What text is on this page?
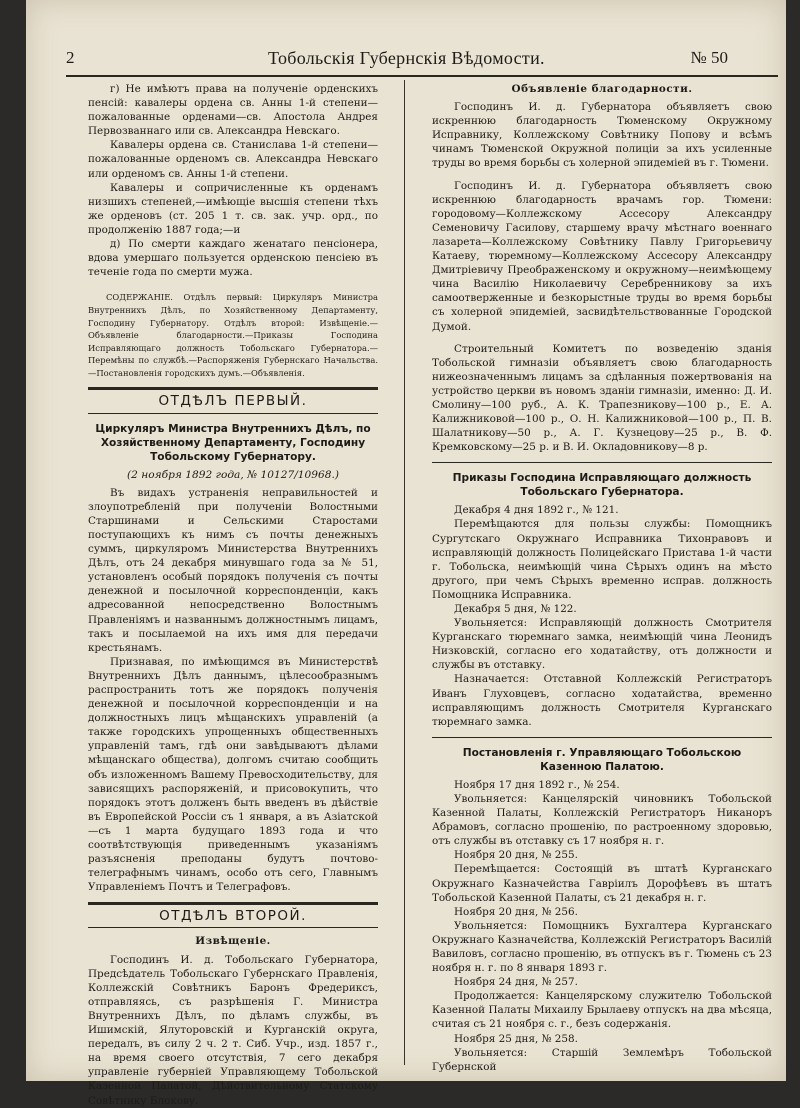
2	Тобольскія Губернскія Вѣдомости.	№ 50

г) Не имѣютъ права на полученіе орденскихъ пенсій: кавалеры ордена св. Анны 1-й степени—пожалованные орденами—св. Апостола Андрея Первозваннаго или св. Александра Невскаго.

Кавалеры ордена св. Станислава 1-й степени—пожалованные орденомъ св. Александра Невскаго или орденомъ св. Анны 1-й степени.

Кавалеры и сопричисленные къ орденамъ низшихъ степеней,—имѣющіе высшія степени тѣхъ же орденовъ (ст. 205 1 т. св. зак. учр. орд., по продолженію 1887 года;—и

д) По смерти каждаго женатаго пенсіонера, вдова умершаго пользуется орденскою пенсіею въ теченіе года по смерти мужа.

СОДЕРЖАНІЕ. Отдѣлъ первый: Циркуляръ Министра Внутреннихъ Дѣлъ, по Хозяйственному Департаменту, Господину Губернатору. Отдѣлъ второй: Извѣщеніе.—Объявленіе благодарности.—Приказы Господина Исправляющаго должность Тобольскаго Губернатора.—Перемѣны по службѣ.—Распоряженія Губернскаго Начальства.—Постановленія городскихъ думъ.—Объявленія.

ОТДѢЛЪ ПЕРВЫЙ.
Циркуляръ Министра Внутреннихъ Дѣлъ, по Хозяйственному Департаменту, Господину Тобольскому Губернатору.
(2 ноября 1892 года, № 10127/10968.)

Въ видахъ устраненія неправильностей и злоупотребленій при полученіи Волостными Старшинами и Сельскими Старостами поступающихъ къ нимъ съ почты денежныхъ суммъ, циркуляромъ Министерства Внутреннихъ Дѣлъ, отъ 24 декабря минувшаго года за № 51, установленъ особый порядокъ полученія съ почты денежной и посылочной корреспонденціи, какъ адресованной непосредственно Волостнымъ Правленіямъ и названнымъ должностнымъ лицамъ, такъ и посылаемой на ихъ имя для передачи крестьянамъ.

Признавая, по имѣющимся въ Министерствѣ Внутреннихъ Дѣлъ даннымъ, цѣлесообразнымъ распространить тотъ же порядокъ полученія денежной и посылочной корреспонденціи и на должностныхъ лицъ мѣщанскихъ управленій (а также городскихъ упрощенныхъ общественныхъ управленій тамъ, гдѣ они завѣдываютъ дѣлами мѣщанскаго общества), долгомъ считаю сообщить объ изложенномъ Вашему Превосходительству, для зависящихъ распоряженій, и присовокупить, что порядокъ этотъ долженъ быть введенъ въ дѣйствіе въ Европейской Россіи съ 1 января, а въ Азіатской—съ 1 марта будущаго 1893 года и что соотвѣтствующія приведеннымъ указаніямъ разъясненія преподаны будутъ почтово-телеграфнымъ чинамъ, особо отъ сего, Главнымъ Управленіемъ Почтъ и Телеграфовъ.

ОТДѢЛЪ ВТОРОЙ.
Извѣщеніе.

Господинъ И. д. Тобольскаго Губернатора, Предсѣдатель Тобольскаго Губернскаго Правленія, Коллежскій Совѣтникъ Баронъ Фредериксъ, отправляясь, съ разрѣшенія Г. Министра Внутреннихъ Дѣлъ, по дѣламъ службы, въ Ишимскій, Ялуторовскій и Курганскій округа, передалъ, въ силу 2 ч. 2 т. Сиб. Учр., изд. 1857 г., на время своего отсутствія, 7 сего декабря управленіе губерніей Управляющему Тобольской Казенной Палатой, Дѣйствительному Статскому Совѣтнику Блокову.

Объявленіе благодарности.

Господинъ И. д. Губернатора объявляетъ свою искреннюю благодарность Тюменскому Окружному Исправнику, Коллежскому Совѣтнику Попову и всѣмъ чинамъ Тюменской Окружной полиціи за ихъ усиленные труды во время борьбы съ холерной эпидеміей въ г. Тюмени.

Господинъ И. д. Губернатора объявляетъ свою искреннюю благодарность врачамъ гор. Тюмени: городовому—Коллежскому Ассесору Александру Семеновичу Гасилову, старшему врачу мѣстнаго военнаго лазарета—Коллежскому Совѣтнику Павлу Григорьевичу Катаеву, тюремному—Коллежскому Ассесору Александру Дмитріевичу Преображенскому и окружному—неимѣющему чина Василію Николаевичу Серебренникову за ихъ самоотверженные и безкорыстные труды во время борьбы съ холерной эпидеміей, засвидѣтельствованные Городской Думой.

Строительный Комитетъ по возведенію зданія Тобольской гимназіи объявляетъ свою благодарность нижеозначеннымъ лицамъ за сдѣланныя пожертвованія на устройство церкви въ новомъ зданіи гимназіи, именно: Д. И. Смолину—100 руб., А. К. Трапезникову—100 р., Е. А. Калижниковой—100 р., О. Н. Калижниковой—100 р., П. В. Шалатникову—50 р., А. Г. Кузнецову—25 р., В. Ф. Кремковскому—25 р. и В. И. Окладовникову—8 р.

Приказы Господина Исправляющаго должность Тобольскаго Губернатора.

Декабря 4 дня 1892 г., № 121.

Перемѣщаются для пользы службы: Помощникъ Сургутскаго Окружнаго Исправника Тихонравовъ и исправляющій должность Полицейскаго Пристава 1-й части г. Тобольска, неимѣющій чина Сѣрыхъ одинъ на мѣсто другого, при чемъ Сѣрыхъ временно исправ. должность Помощника Исправника.

Декабря 5 дня, № 122.

Увольняется: Исправляющій должность Смотрителя Курганскаго тюремнаго замка, неимѣющій чина Леонидъ Низковскій, согласно его ходатайству, отъ должности и службы въ отставку.

Назначается: Отставной Коллежскій Регистраторъ Иванъ Глуховцевъ, согласно ходатайства, временно исправляющимъ должность Смотрителя Курганскаго тюремнаго замка.

Постановленія г. Управляющаго Тобольскою Казенною Палатою.

Ноября 17 дня 1892 г., № 254.

Увольняется: Канцелярскій чиновникъ Тобольской Казенной Палаты, Коллежскій Регистраторъ Никаноръ Абрамовъ, согласно прошенію, по растроенному здоровью, отъ службы въ отставку съ 17 ноября н. г.

Ноября 20 дня, № 255.

Перемѣщается: Состоящій въ штатѣ Курганскаго Окружнаго Казначейства Гавріилъ Дорофѣевъ въ штатъ Тобольской Казенной Палаты, съ 21 декабря н. г.

Ноября 20 дня, № 256.

Увольняется: Помощникъ Бухгалтера Курганскаго Окружнаго Казначейства, Коллежскій Регистраторъ Василій Вавиловъ, согласно прошенію, въ отпускъ въ г. Тюмень съ 23 ноября н. г. по 8 января 1893 г.

Ноября 24 дня, № 257.

Продолжается: Канцелярскому служителю Тобольской Казенной Палаты Михаилу Брылаеву отпускъ на два мѣсяца, считая съ 21 ноября с. г., безъ содержанія.

Ноября 25 дня, № 258.

Увольняется: Старшій Землемѣръ Тобольской Губернской
